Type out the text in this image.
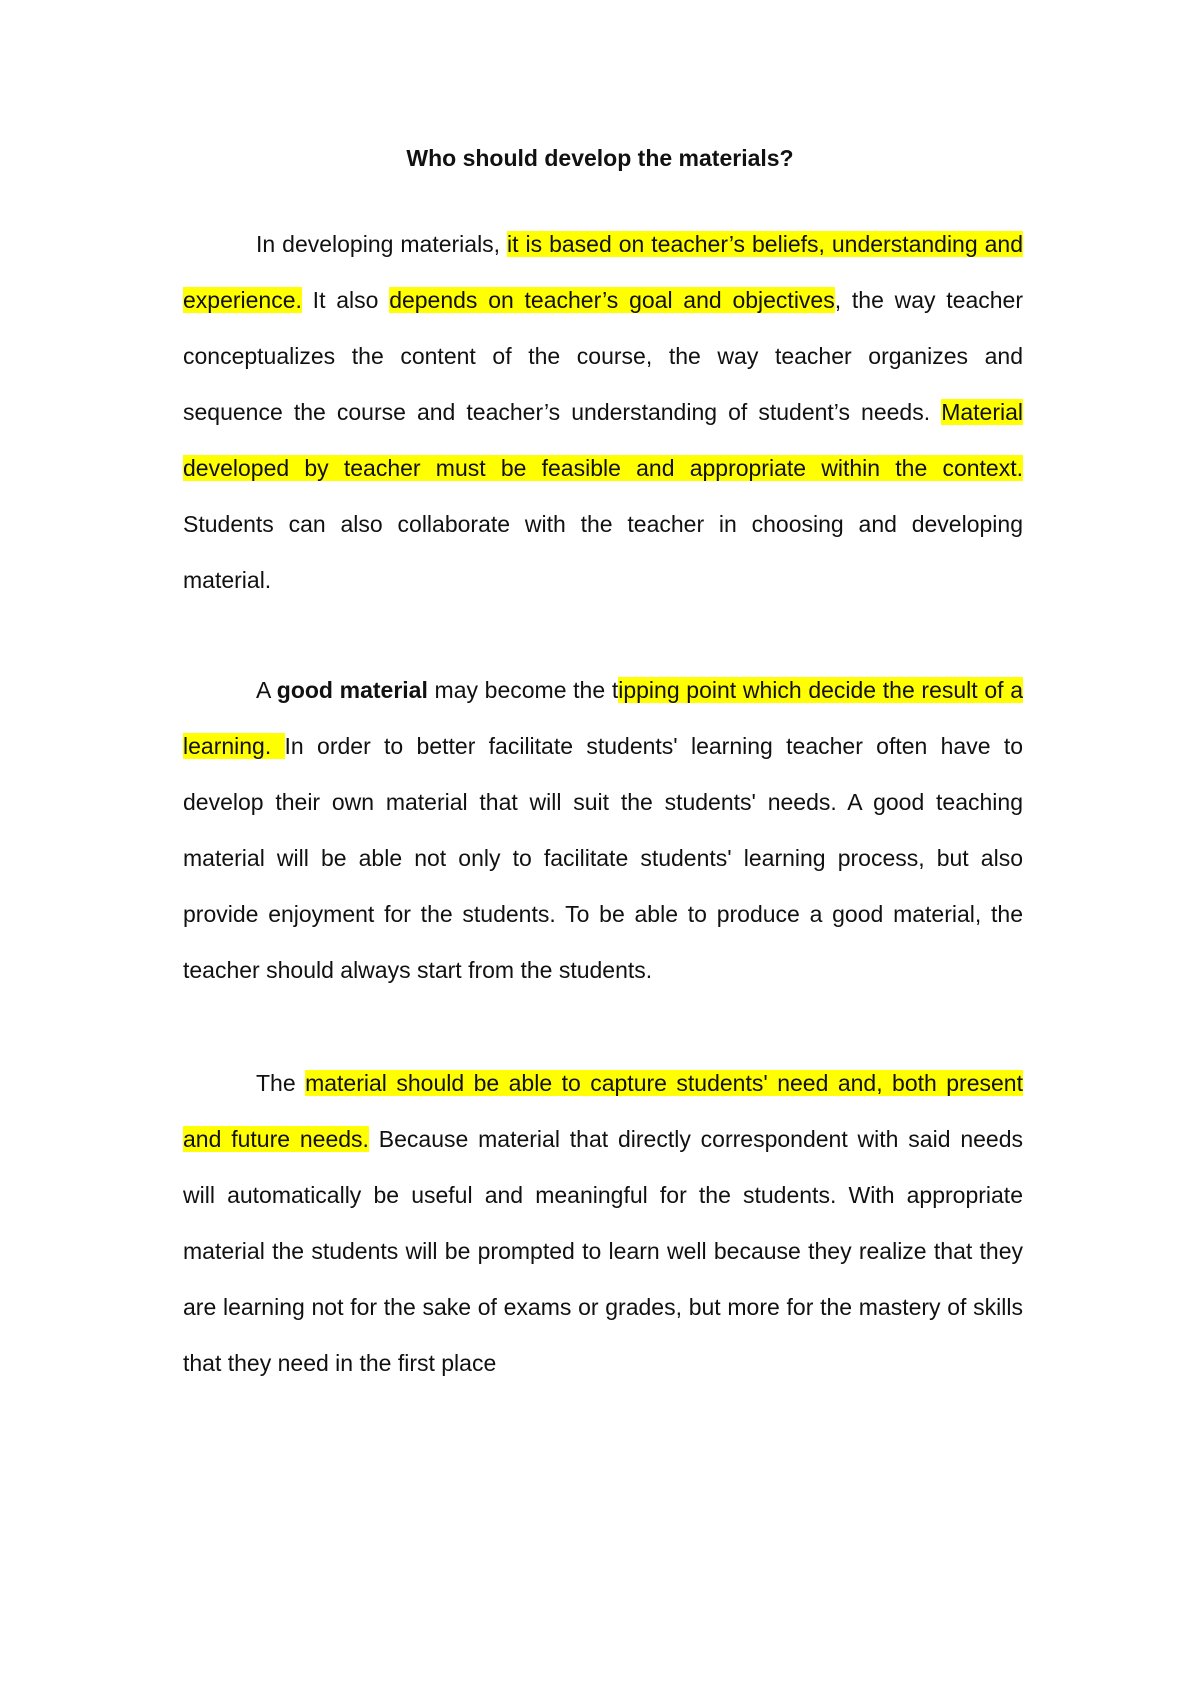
Who should develop the materials?

In developing materials, it is based on teacher’s beliefs, understanding and experience. It also depends on teacher’s goal and objectives, the way teacher conceptualizes the content of the course, the way teacher organizes and sequence the course and teacher’s understanding of student’s needs. Material developed by teacher must be feasible and appropriate within the context. Students can also collaborate with the teacher in choosing and developing material.

A good material may become the tipping point which decide the result of a learning. In order to better facilitate students' learning teacher often have to develop their own material that will suit the students' needs. A good teaching material will be able not only to facilitate students' learning process, but also provide enjoyment for the students. To be able to produce a good material, the teacher should always start from the students.

The material should be able to capture students' need and, both present and future needs. Because material that directly correspondent with said needs will automatically be useful and meaningful for the students. With appropriate material the students will be prompted to learn well because they realize that they are learning not for the sake of exams or grades, but more for the mastery of skills that they need in the first place
